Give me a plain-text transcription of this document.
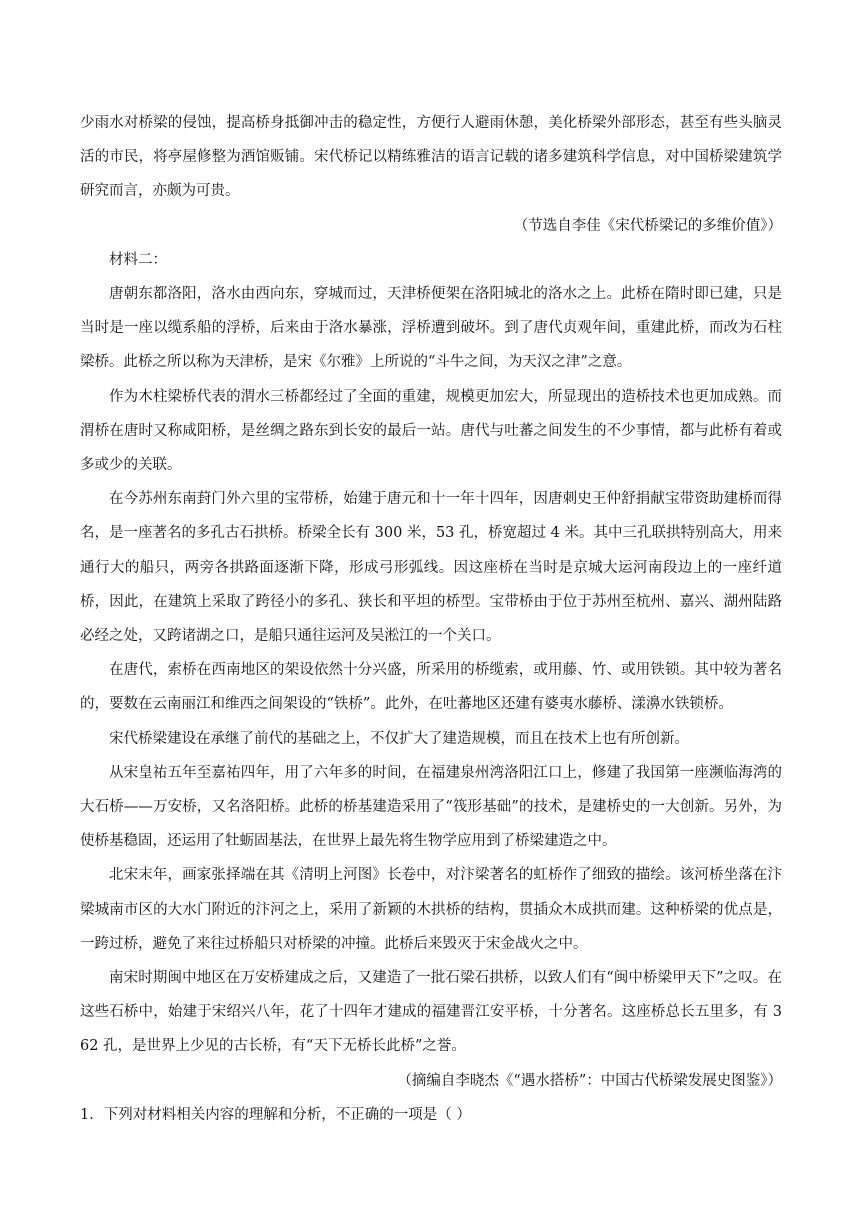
少雨水对桥梁的侵蚀，提高桥身抵御冲击的稳定性，方便行人避雨休憩，美化桥梁外部形态，甚至有些头脑灵活的市民，将亭屋修整为酒馆贩铺。宋代桥记以精练雅洁的语言记载的诸多建筑科学信息，对中国桥梁建筑学研究而言，亦颇为可贵。

（节选自李佳《宋代桥梁记的多维价值》）

材料二：

唐朝东都洛阳，洛水由西向东，穿城而过，天津桥便架在洛阳城北的洛水之上。此桥在隋时即已建，只是当时是一座以缆系船的浮桥，后来由于洛水暴涨，浮桥遭到破坏。到了唐代贞观年间，重建此桥，而改为石柱梁桥。此桥之所以称为天津桥，是宋《尔雅》上所说的“斗牛之间，为天汉之津”之意。

作为木柱梁桥代表的渭水三桥都经过了全面的重建，规模更加宏大，所显现出的造桥技术也更加成熟。而渭桥在唐时又称咸阳桥，是丝绸之路东到长安的最后一站。唐代与吐蕃之间发生的不少事情，都与此桥有着或多或少的关联。

在今苏州东南葑门外六里的宝带桥，始建于唐元和十一年十四年，因唐刺史王仲舒捐献宝带资助建桥而得名，是一座著名的多孔古石拱桥。桥梁全长有 300 米，53 孔，桥宽超过 4 米。其中三孔联拱特别高大，用来通行大的船只，两旁各拱路面逐渐下降，形成弓形弧线。因这座桥在当时是京城大运河南段边上的一座纤道桥，因此，在建筑上采取了跨径小的多孔、狭长和平坦的桥型。宝带桥由于位于苏州至杭州、嘉兴、湖州陆路必经之处，又跨诸湖之口，是船只通往运河及吴淞江的一个关口。

在唐代，索桥在西南地区的架设依然十分兴盛，所采用的桥缆索，或用藤、竹、或用铁锁。其中较为著名的，要数在云南丽江和维西之间架设的“铁桥”。此外，在吐蕃地区还建有婆夷水藤桥、漾濞水铁锁桥。

宋代桥梁建设在承继了前代的基础之上，不仅扩大了建造规模，而且在技术上也有所创新。

从宋皇祐五年至嘉祐四年，用了六年多的时间，在福建泉州湾洛阳江口上，修建了我国第一座濒临海湾的大石桥——万安桥，又名洛阳桥。此桥的桥基建造采用了“筏形基础”的技术，是建桥史的一大创新。另外，为使桥基稳固，还运用了牡蛎固基法，在世界上最先将生物学应用到了桥梁建造之中。

北宋末年，画家张择端在其《清明上河图》长卷中，对汴梁著名的虹桥作了细致的描绘。该河桥坐落在汴梁城南市区的大水门附近的汴河之上，采用了新颖的木拱桥的结构，贯插众木成拱而建。这种桥梁的优点是，一跨过桥，避免了来往过桥船只对桥梁的冲撞。此桥后来毁灭于宋金战火之中。

南宋时期闽中地区在万安桥建成之后，又建造了一批石梁石拱桥，以致人们有“闽中桥梁甲天下”之叹。在这些石桥中，始建于宋绍兴八年，花了十四年才建成的福建晋江安平桥，十分著名。这座桥总长五里多，有 362 孔，是世界上少见的古长桥，有“天下无桥长此桥”之誉。

（摘编自李晓杰《“遇水搭桥”：中国古代桥梁发展史图鉴》）

1．下列对材料相关内容的理解和分析，不正确的一项是（ ）
